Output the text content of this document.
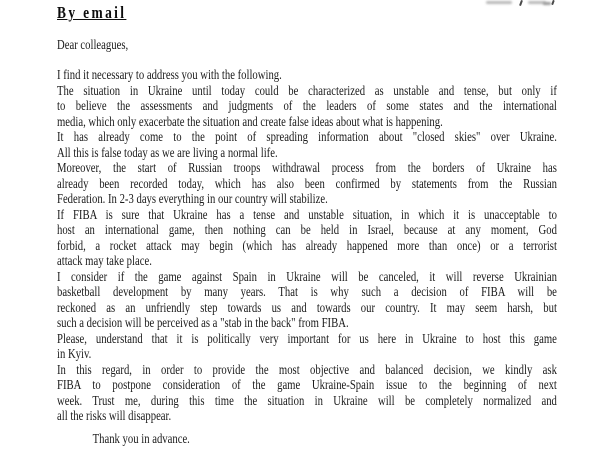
By email
Dear colleagues,
I find it necessary to address you with the following.
The situation in Ukraine until today could be characterized as unstable and tense, but only if
to believe the assessments and judgments of the leaders of some states and the international
media, which only exacerbate the situation and create false ideas about what is happening.
It has already come to the point of spreading information about "closed skies" over Ukraine.
All this is false today as we are living a normal life.
Moreover, the start of Russian troops withdrawal process from the borders of Ukraine has
already been recorded today, which has also been confirmed by statements from the Russian
Federation. In 2-3 days everything in our country will stabilize.
If FIBA is sure that Ukraine has a tense and unstable situation, in which it is unacceptable to
host an international game, then nothing can be held in Israel, because at any moment, God
forbid, a rocket attack may begin (which has already happened more than once) or a terrorist
attack may take place.
I consider if the game against Spain in Ukraine will be canceled, it will reverse Ukrainian
basketball development by many years. That is why such a decision of FIBA will be
reckoned as an unfriendly step towards us and towards our country. It may seem harsh, but
such a decision will be perceived as a "stab in the back" from FIBA.
Please, understand that it is politically very important for us here in Ukraine to host this game
in Kyiv.
In this regard, in order to provide the most objective and balanced decision, we kindly ask
FIBA to postpone consideration of the game Ukraine-Spain issue to the beginning of next
week. Trust me, during this time the situation in Ukraine will be completely normalized and
all the risks will disappear.
Thank you in advance.
